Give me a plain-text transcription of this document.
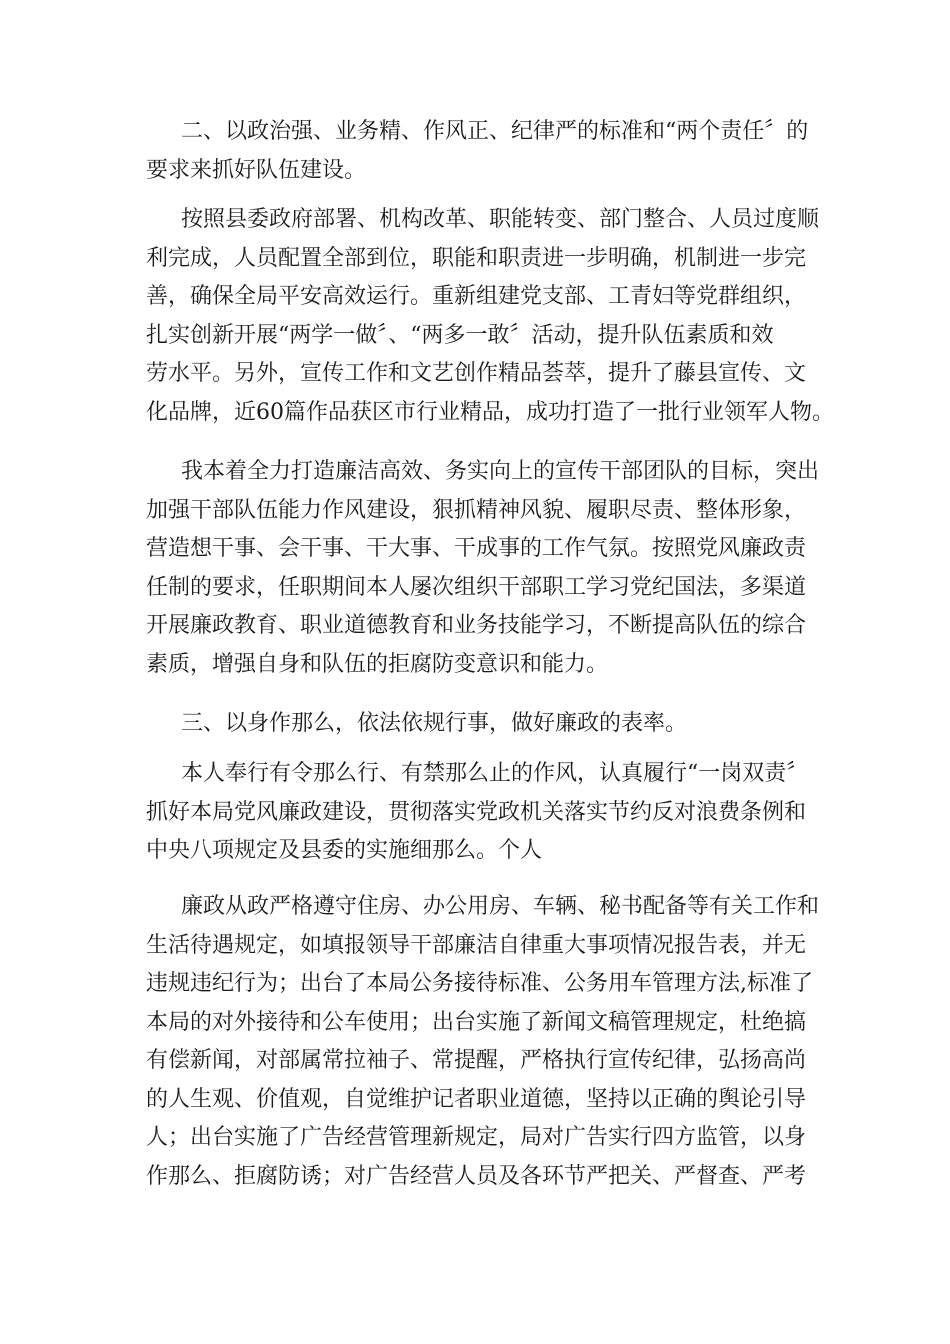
二、以政治强、业务精、作风正、纪律严的标准和“两个责任〞的
要求来抓好队伍建设。
按照县委政府部署、机构改革、职能转变、部门整合、人员过度顺
利完成，人员配置全部到位，职能和职责进一步明确，机制进一步完
善，确保全局平安高效运行。重新组建党支部、工青妇等党群组织，
扎实创新开展“两学一做〞、“两多一敢〞活动，提升队伍素质和效
劳水平。另外，宣传工作和文艺创作精品荟萃，提升了藤县宣传、文
化品牌，近60篇作品获区市行业精品，成功打造了一批行业领军人物。
我本着全力打造廉洁高效、务实向上的宣传干部团队的目标，突出
加强干部队伍能力作风建设，狠抓精神风貌、履职尽责、整体形象，
营造想干事、会干事、干大事、干成事的工作气氛。按照党风廉政责
任制的要求，任职期间本人屡次组织干部职工学习党纪国法，多渠道
开展廉政教育、职业道德教育和业务技能学习，不断提高队伍的综合
素质，增强自身和队伍的拒腐防变意识和能力。
三、以身作那么，依法依规行事，做好廉政的表率。
本人奉行有令那么行、有禁那么止的作风，认真履行“一岗双责〞
抓好本局党风廉政建设，贯彻落实党政机关落实节约反对浪费条例和
中央八项规定及县委的实施细那么。个人
廉政从政严格遵守住房、办公用房、车辆、秘书配备等有关工作和
生活待遇规定，如填报领导干部廉洁自律重大事项情况报告表，并无
违规违纪行为；出台了本局公务接待标准、公务用车管理方法,标准了
本局的对外接待和公车使用；出台实施了新闻文稿管理规定，杜绝搞
有偿新闻，对部属常拉袖子、常提醒，严格执行宣传纪律，弘扬高尚
的人生观、价值观，自觉维护记者职业道德，坚持以正确的舆论引导
人；出台实施了广告经营管理新规定，局对广告实行四方监管，以身
作那么、拒腐防诱；对广告经营人员及各环节严把关、严督查、严考
